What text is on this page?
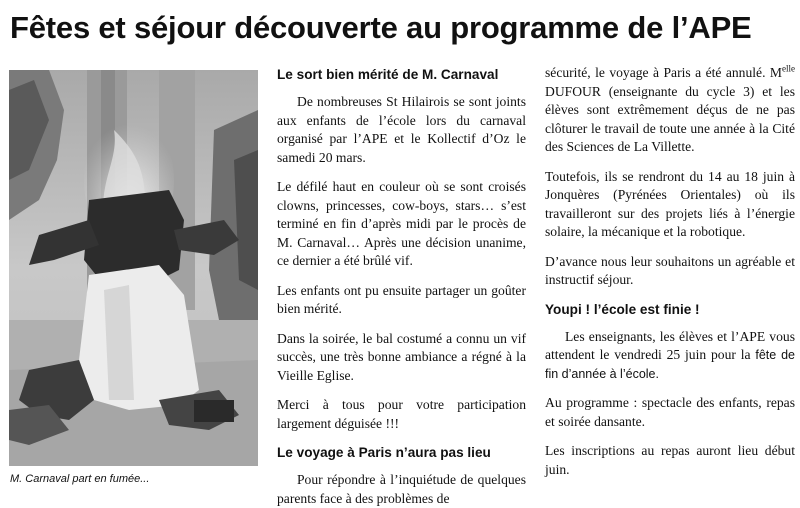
Fêtes et séjour découverte au programme de l’APE
M. Carnaval part en fumée...
Le sort bien mérité de M. Carnaval

De nombreuses St Hilairois se sont joints aux enfants de l’école lors du carnaval organisé par l’APE et le Kollectif d’Oz le samedi 20 mars.

Le défilé haut en couleur où se sont croisés clowns, princesses, cow-boys, stars… s’est terminé en fin d’après midi par le procès de M. Carnaval… Après une décision unanime, ce dernier a été brûlé vif.

Les enfants ont pu ensuite partager un goûter bien mérité.

Dans la soirée, le bal costumé a connu un vif succès, une très bonne ambiance a régné à la Vieille Eglise.

Merci à tous pour votre participation largement déguisée !!!

Le voyage à Paris n’aura pas lieu

Pour répondre à l’inquiétude de quelques parents face à des problèmes de

sécurité, le voyage à Paris a été annulé. $M^{elle}$ DUFOUR (enseignante du cycle 3) et les élèves sont extrêmement déçus de ne pas clôturer le travail de toute une année à la Cité des Sciences de La Villette.

Toutefois, ils se rendront du 14 au 18 juin à Jonquères (Pyrénées Orientales) où ils travailleront sur des projets liés à l’énergie solaire, la mécanique et la robotique.

D’avance nous leur souhaitons un agréable et instructif séjour.

Youpi ! l’école est finie !

Les enseignants, les élèves et l’APE vous attendent le vendredi 25 juin pour la fête de fin d’année à l’école.

Au programme : spectacle des enfants, repas et soirée dansante.

Les inscriptions au repas auront lieu début juin.
